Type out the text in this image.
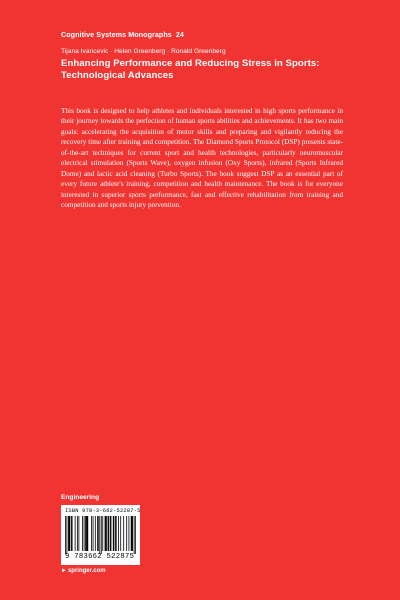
Cognitive Systems Monographs 24
Tijana Ivancevic · Helen Greenberg · Ronald Greenberg
Enhancing Performance and Reducing Stress in Sports:
Technological Advances
This book is designed to help athletes and individuals interested in high sports performance in their journey towards the perfection of human sports abilities and achievements. It has two main goals: accelerating the acquisition of motor skills and preparing and vigilantly reducing the recovery time after training and competition. The Diamond Sports Protocol (DSP) presents state-of-the-art techniques for current sport and health technologies, particularly neuromuscular electrical stimulation (Sports Wave), oxygen infusion (Oxy Sports), infrared (Sports Infrared Dome) and lactic acid cleaning (Turbo Sports). The book suggest DSP as an essential part of every future athlete's training, competition and health maintenance. The book is for everyone interested in superior sports performance, fast and effective rehabilitation from training and competition and sports injury prevention.
Engineering
ISBN 978-3-662-52287-5
9 783662 522875
►springer.com
